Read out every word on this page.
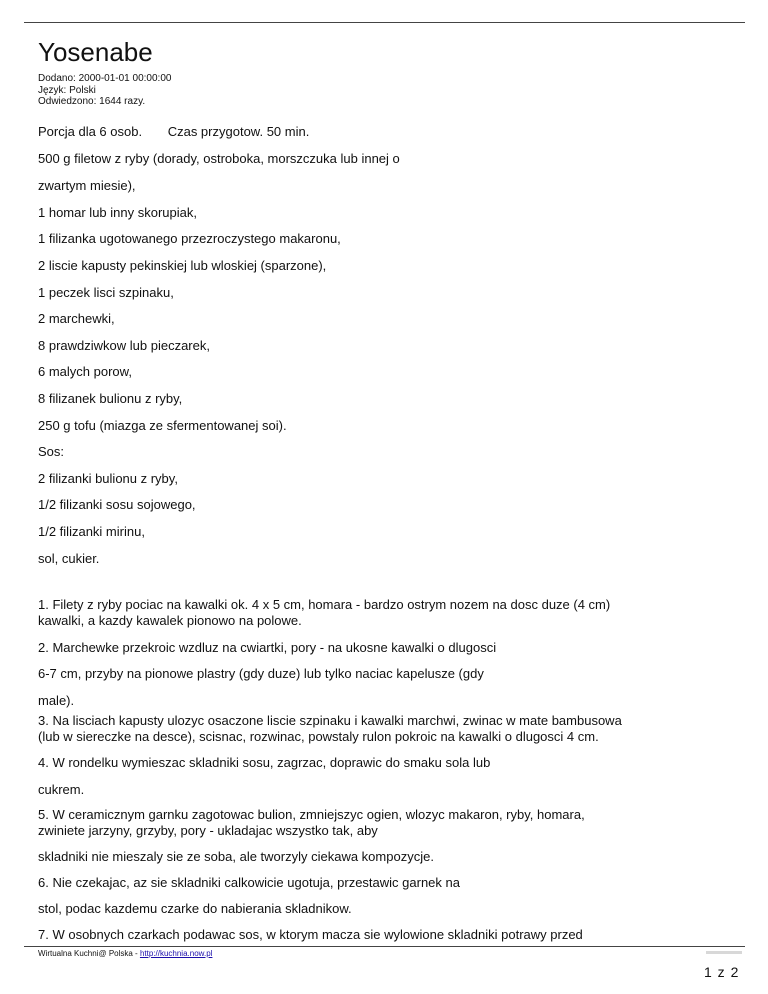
Yosenabe
Dodano: 2000-01-01 00:00:00
Język: Polski
Odwiedzono: 1644 razy.
Porcja dla 6 osob. Czas przygotow. 50 min.
500 g filetow z ryby (dorady, ostroboka, morszczuka lub innej o
zwartym miesie),
1 homar lub inny skorupiak,
1 filizanka ugotowanego przezroczystego makaronu,
2 liscie kapusty pekinskiej lub wloskiej (sparzone),
1 peczek lisci szpinaku,
2 marchewki,
8 prawdziwkow lub pieczarek,
6 malych porow,
8 filizanek bulionu z ryby,
250 g tofu (miazga ze sfermentowanej soi).
Sos:
2 filizanki bulionu z ryby,
1/2 filizanki sosu sojowego,
1/2 filizanki mirinu,
sol, cukier.
1. Filety z ryby pociac na kawalki ok. 4 x 5 cm, homara - bardzo ostrym nozem na dosc duze (4 cm) kawalki, a kazdy kawalek pionowo na polowe.
2. Marchewke przekroic wzdluz na cwiartki, pory - na ukosne kawalki o dlugosci
6-7 cm, przyby na pionowe plastry (gdy duze) lub tylko naciac kapelusze (gdy
male).
3. Na lisciach kapusty ulozyc osaczone liscie szpinaku i kawalki marchwi, zwinac w mate bambusowa (lub w siereczke na desce), scisnac, rozwinac, powstaly rulon pokroic na kawalki o dlugosci 4 cm.
4. W rondelku wymieszac skladniki sosu, zagrzac, doprawic do smaku sola lub
cukrem.
5. W ceramicznym garnku zagotowac bulion, zmniejszyc ogien, wlozyc makaron, ryby, homara, zwiniete jarzyny, grzyby, pory - ukladajac wszystko tak, aby
skladniki nie mieszaly sie ze soba, ale tworzyly ciekawa kompozycje.
6. Nie czekajac, az sie skladniki calkowicie ugotuja, przestawic garnek na
stol, podac kazdemu czarke do nabierania skladnikow.
7. W osobnych czarkach podawac sos, w ktorym macza sie wylowione skladniki potrawy przed
Wirtualna Kuchni@ Polska - http://kuchnia.now.pl
1 z 2
